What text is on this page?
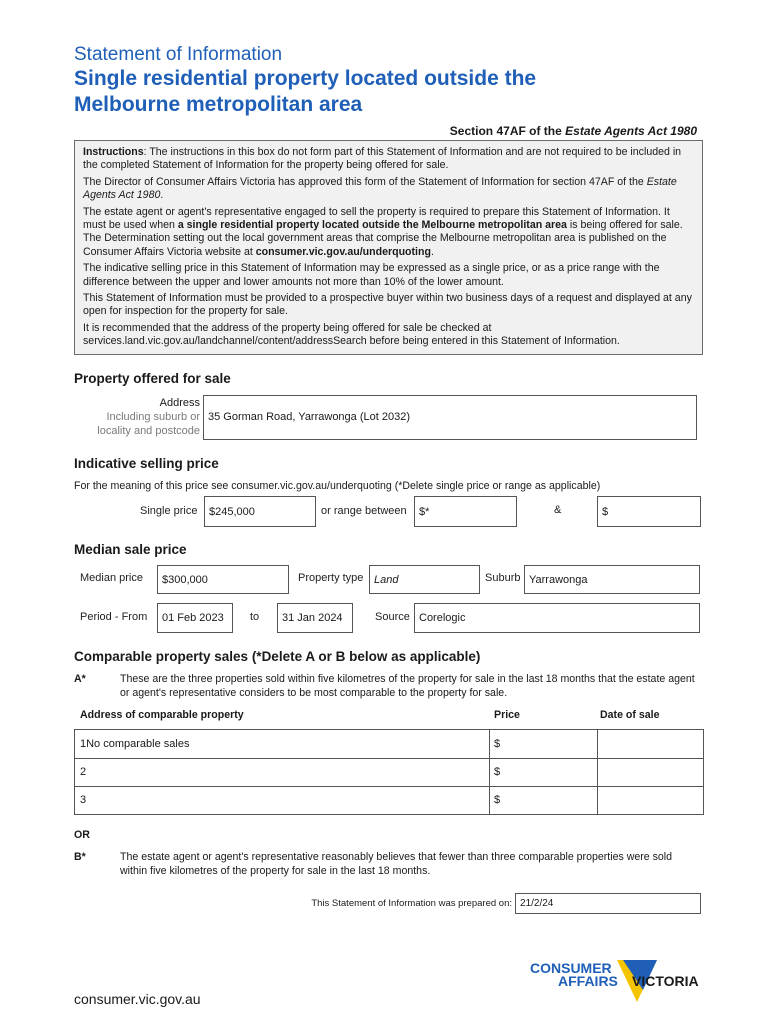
Statement of Information
Single residential property located outside the Melbourne metropolitan area
Section 47AF of the Estate Agents Act 1980

Instructions: The instructions in this box do not form part of this Statement of Information and are not required to be included in the completed Statement of Information for the property being offered for sale.

The Director of Consumer Affairs Victoria has approved this form of the Statement of Information for section 47AF of the Estate Agents Act 1980.

The estate agent or agent's representative engaged to sell the property is required to prepare this Statement of Information. It must be used when a single residential property located outside the Melbourne metropolitan area is being offered for sale. The Determination setting out the local government areas that comprise the Melbourne metropolitan area is published on the Consumer Affairs Victoria website at consumer.vic.gov.au/underquoting.

The indicative selling price in this Statement of Information may be expressed as a single price, or as a price range with the difference between the upper and lower amounts not more than 10% of the lower amount.

This Statement of Information must be provided to a prospective buyer within two business days of a request and displayed at any open for inspection for the property for sale.

It is recommended that the address of the property being offered for sale be checked at services.land.vic.gov.au/landchannel/content/addressSearch before being entered in this Statement of Information.

Property offered for sale
Address
Including suburb or
locality and postcode
35 Gorman Road, Yarrawonga (Lot 2032)
Indicative selling price
For the meaning of this price see consumer.vic.gov.au/underquoting (*Delete single price or range as applicable)
Single price	$245,000	or range between	$*	&	$
Median sale price
Median price	$300,000	Property type Land	Suburb Yarrawonga
Period - From	01 Feb 2023	to	31 Jan 2024	Source Corelogic
Comparable property sales (*Delete A or B below as applicable)
A*	These are the three properties sold within five kilometres of the property for sale in the last 18 months that the estate agent or agent's representative considers to be most comparable to the property for sale.
Address of comparable property	Price	Date of sale
1No comparable sales	$
2	$
3	$
OR
B*	The estate agent or agent's representative reasonably believes that fewer than three comparable properties were sold within five kilometres of the property for sale in the last 18 months.
This Statement of Information was prepared on: 21/2/24
consumer.vic.gov.au
CONSUMER
AFFAIRS VICTORIA
